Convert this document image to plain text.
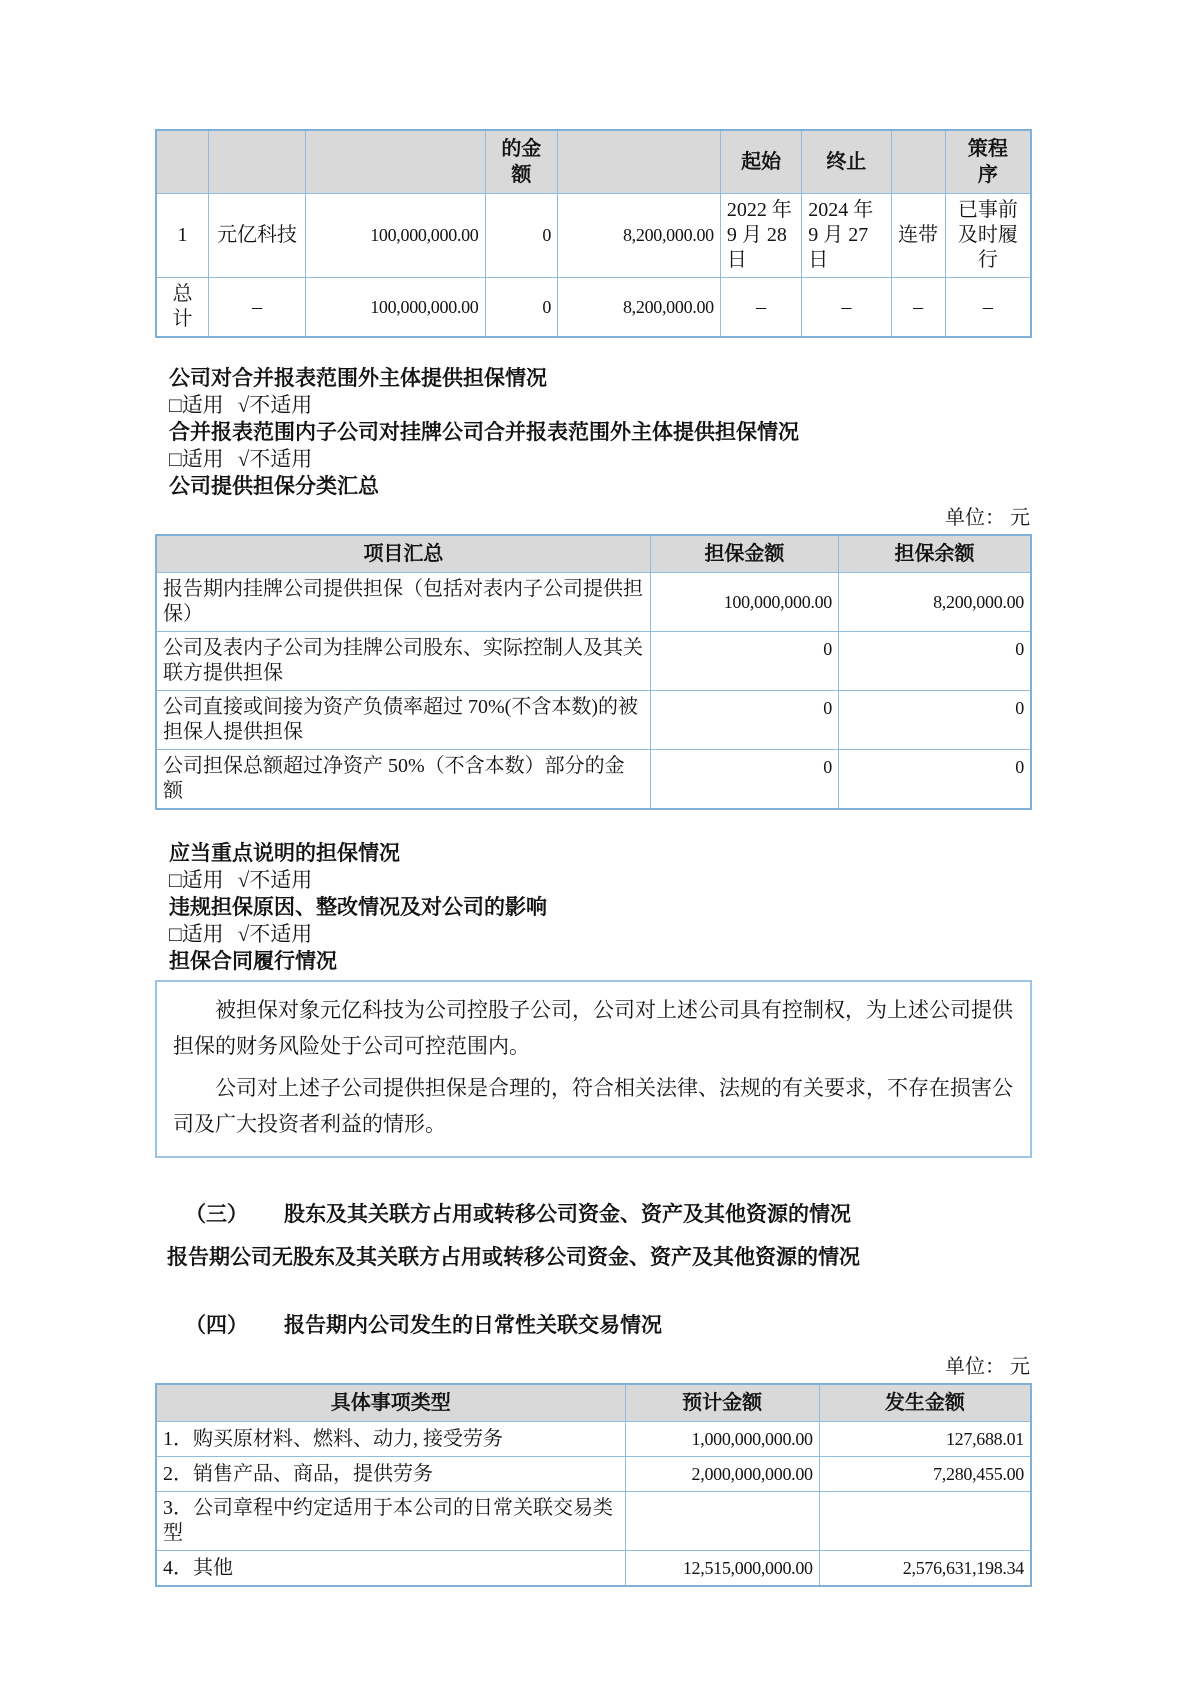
			的金额		起始	终止		策程序
1	元亿科技	100,000,000.00	0	8,200,000.00	2022 年 9 月 28 日	2024 年 9 月 27 日	连带	已事前及时履行
总计	–	100,000,000.00	0	8,200,000.00	–	–	–	–
公司对合并报表范围外主体提供担保情况
□适用 √不适用
合并报表范围内子公司对挂牌公司合并报表范围外主体提供担保情况
□适用 √不适用
公司提供担保分类汇总
单位： 元
项目汇总	担保金额	担保余额
报告期内挂牌公司提供担保（包括对表内子公司提供担保）	100,000,000.00	8,200,000.00
公司及表内子公司为挂牌公司股东、实际控制人及其关联方提供担保	0	0
公司直接或间接为资产负债率超过 70%(不含本数)的被担保人提供担保	0	0
公司担保总额超过净资产 50%（不含本数）部分的金额	0	0
应当重点说明的担保情况
□适用 √不适用
违规担保原因、整改情况及对公司的影响
□适用 √不适用
担保合同履行情况

被担保对象元亿科技为公司控股子公司，公司对上述公司具有控制权，为上述公司提供担保的财务风险处于公司可控范围内。

公司对上述子公司提供担保是合理的，符合相关法律、法规的有关要求，不存在损害公司及广大投资者利益的情形。

（三） 股东及其关联方占用或转移公司资金、资产及其他资源的情况
报告期公司无股东及其关联方占用或转移公司资金、资产及其他资源的情况
（四） 报告期内公司发生的日常性关联交易情况
单位： 元
具体事项类型	预计金额	发生金额
1．购买原材料、燃料、动力, 接受劳务	1,000,000,000.00	127,688.01
2．销售产品、商品，提供劳务	2,000,000,000.00	7,280,455.00
3．公司章程中约定适用于本公司的日常关联交易类型		
4．其他	12,515,000,000.00	2,576,631,198.34
